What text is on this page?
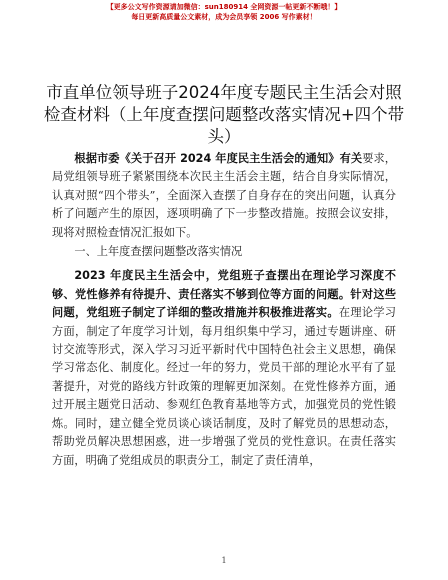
【更多公文写作资源请加微信：sun180914 全网资源一帖更新不断哦！】
每日更新高质量公文素材，成为会员享领 2006 写作素材！
市直单位领导班子2024年度专题民主生活会对照检查材料（上年度查摆问题整改落实情况+四个带头）

根据市委《关于召开 2024 年度民主生活会的通知》有关要求，局党组领导班子紧紧围绕本次民主生活会主题，结合自身实际情况，认真对照“四个带头”，全面深入查摆了自身存在的突出问题，认真分析了问题产生的原因，逐项明确了下一步整改措施。按照会议安排，现将对照检查情况汇报如下。

一、上年度查摆问题整改落实情况

2023 年度民主生活会中，党组班子查摆出在理论学习深度不够、党性修养有待提升、责任落实不够到位等方面的问题。针对这些问题，党组班子制定了详细的整改措施并积极推进落实。在理论学习方面，制定了年度学习计划，每月组织集中学习，通过专题讲座、研讨交流等形式，深入学习习近平新时代中国特色社会主义思想，确保学习常态化、制度化。经过一年的努力，党员干部的理论水平有了显著提升，对党的路线方针政策的理解更加深刻。在党性修养方面，通过开展主题党日活动、参观红色教育基地等方式，加强党员的党性锻炼。同时，建立健全党员谈心谈话制度，及时了解党员的思想动态，帮助党员解决思想困惑，进一步增强了党员的党性意识。在责任落实方面，明确了党组成员的职责分工，制定了责任清单，

1
